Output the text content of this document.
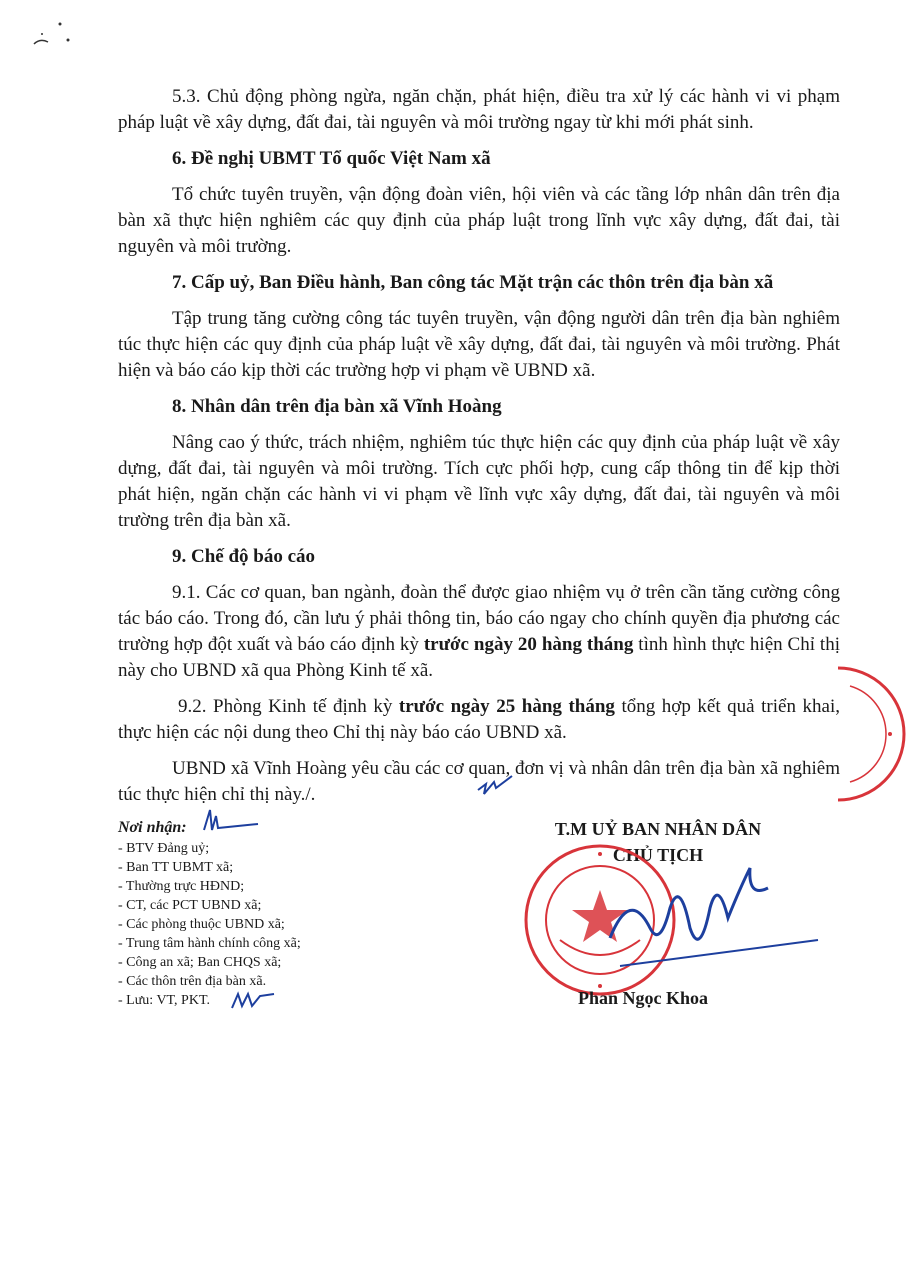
5.3. Chủ động phòng ngừa, ngăn chặn, phát hiện, điều tra xử lý các hành vi vi phạm pháp luật về xây dựng, đất đai, tài nguyên và môi trường ngay từ khi mới phát sinh.

6. Đề nghị UBMT Tổ quốc Việt Nam xã

Tổ chức tuyên truyền, vận động đoàn viên, hội viên và các tầng lớp nhân dân trên địa bàn xã thực hiện nghiêm các quy định của pháp luật trong lĩnh vực xây dựng, đất đai, tài nguyên và môi trường.

7. Cấp uỷ, Ban Điều hành, Ban công tác Mặt trận các thôn trên địa bàn xã

Tập trung tăng cường công tác tuyên truyền, vận động người dân trên địa bàn nghiêm túc thực hiện các quy định của pháp luật về xây dựng, đất đai, tài nguyên và môi trường. Phát hiện và báo cáo kịp thời các trường hợp vi phạm về UBND xã.

8. Nhân dân trên địa bàn xã Vĩnh Hoàng

Nâng cao ý thức, trách nhiệm, nghiêm túc thực hiện các quy định của pháp luật về xây dựng, đất đai, tài nguyên và môi trường. Tích cực phối hợp, cung cấp thông tin để kịp thời phát hiện, ngăn chặn các hành vi vi phạm về lĩnh vực xây dựng, đất đai, tài nguyên và môi trường trên địa bàn xã.

9. Chế độ báo cáo

9.1. Các cơ quan, ban ngành, đoàn thể được giao nhiệm vụ ở trên cần tăng cường công tác báo cáo. Trong đó, cần lưu ý phải thông tin, báo cáo ngay cho chính quyền địa phương các trường hợp đột xuất và báo cáo định kỳ trước ngày 20 hàng tháng tình hình thực hiện Chỉ thị này cho UBND xã qua Phòng Kinh tế xã.

9.2. Phòng Kinh tế định kỳ trước ngày 25 hàng tháng tổng hợp kết quả triển khai, thực hiện các nội dung theo Chỉ thị này báo cáo UBND xã.

UBND xã Vĩnh Hoàng yêu cầu các cơ quan, đơn vị và nhân dân trên địa bàn xã nghiêm túc thực hiện chỉ thị này./.

Nơi nhận:
- BTV Đảng uỷ;
- Ban TT UBMT xã;
- Thường trực HĐND;
- CT, các PCT UBND xã;
- Các phòng thuộc UBND xã;
- Trung tâm hành chính công xã;
- Công an xã; Ban CHQS xã;
- Các thôn trên địa bàn xã.
- Lưu: VT, PKT.
T.M UỶ BAN NHÂN DÂN
CHỦ TỊCH
Phan Ngọc Khoa
